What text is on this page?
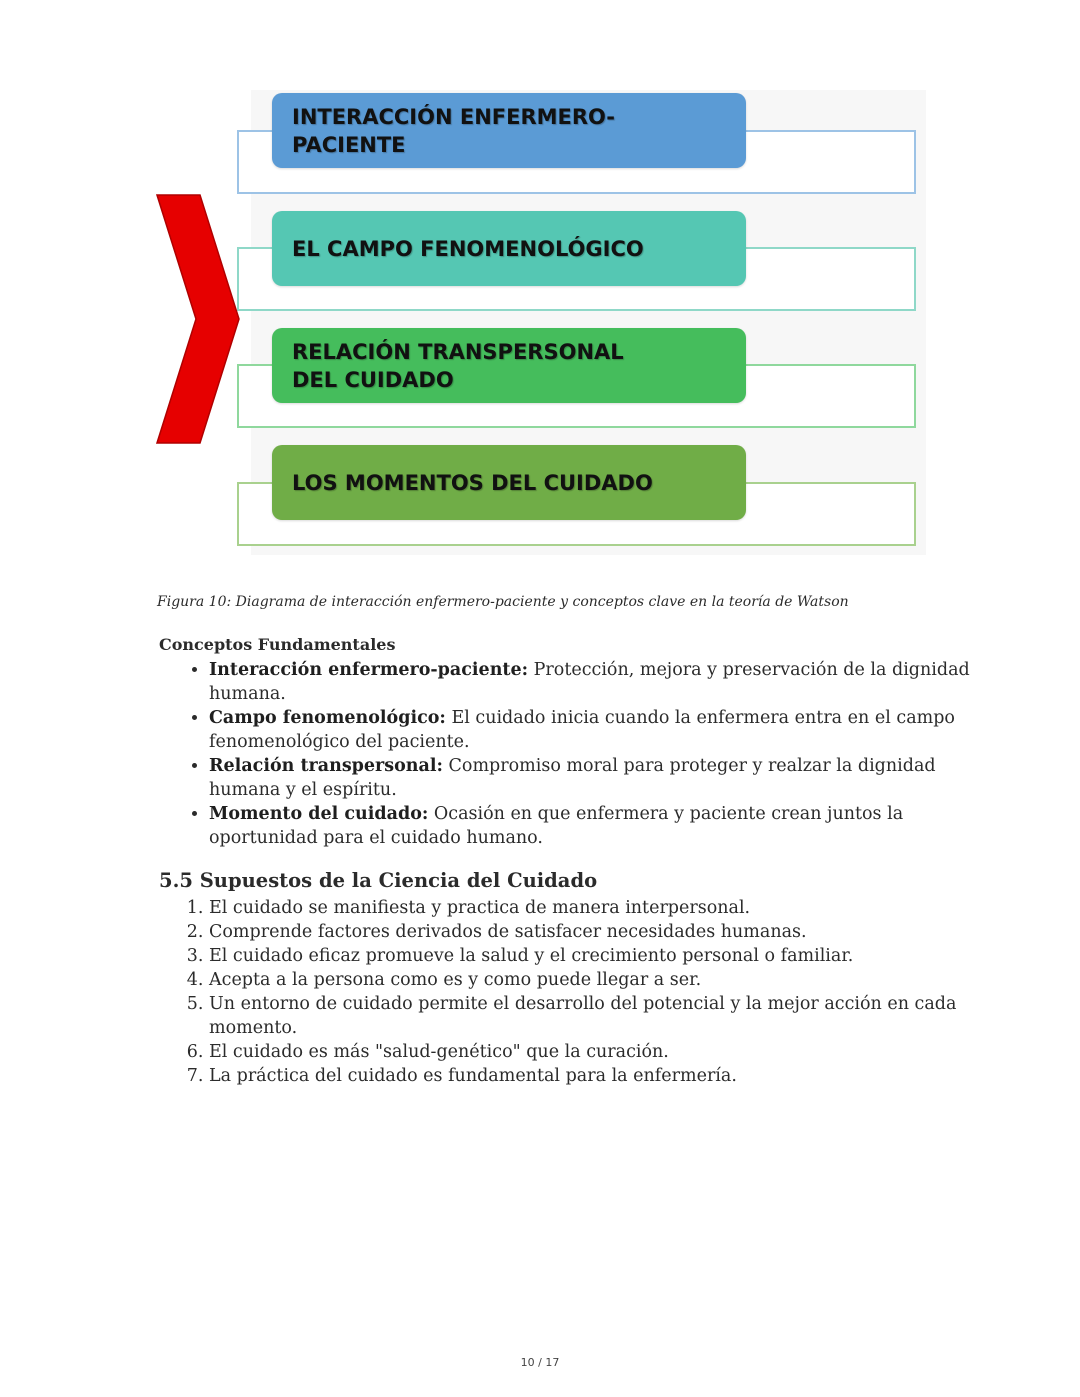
INTERACCIÓN ENFERMERO-PACIENTE
EL CAMPO FENOMENOLÓGICO
RELACIÓN TRANSPERSONAL DEL CUIDADO
LOS MOMENTOS DEL CUIDADO
Figura 10: Diagrama de interacción enfermero-paciente y conceptos clave en la teoría de Watson
Conceptos Fundamentales
• Interacción enfermero-paciente: Protección, mejora y preservación de la dignidad humana.
• Campo fenomenológico: El cuidado inicia cuando la enfermera entra en el campo fenomenológico del paciente.
• Relación transpersonal: Compromiso moral para proteger y realzar la dignidad humana y el espíritu.
• Momento del cuidado: Ocasión en que enfermera y paciente crean juntos la oportunidad para el cuidado humano.
5.5 Supuestos de la Ciencia del Cuidado
1. El cuidado se manifiesta y practica de manera interpersonal.
2. Comprende factores derivados de satisfacer necesidades humanas.
3. El cuidado eficaz promueve la salud y el crecimiento personal o familiar.
4. Acepta a la persona como es y como puede llegar a ser.
5. Un entorno de cuidado permite el desarrollo del potencial y la mejor acción en cada momento.
6. El cuidado es más "salud-genético" que la curación.
7. La práctica del cuidado es fundamental para la enfermería.
10 / 17
